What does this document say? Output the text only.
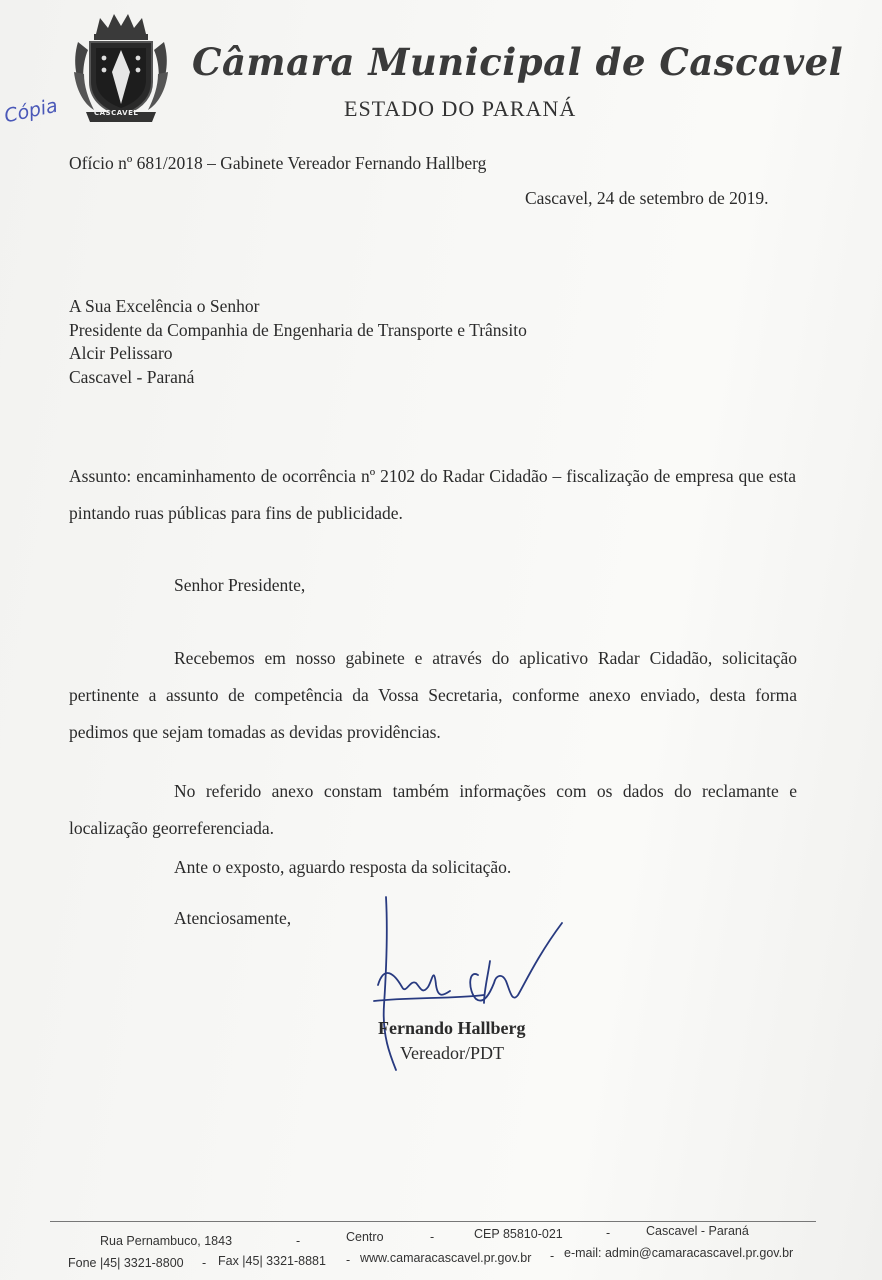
CASCAVEL
Câmara Municipal de Cascavel
ESTADO DO PARANÁ
Cópia
Ofício nº 681/2018 – Gabinete Vereador Fernando Hallberg
Cascavel, 24 de setembro de 2019.
A Sua Excelência o Senhor
Presidente da Companhia de Engenharia de Transporte e Trânsito
Alcir Pelissaro
Cascavel - Paraná
Assunto: encaminhamento de ocorrência nº 2102 do Radar Cidadão – fiscalização de empresa que esta pintando ruas públicas para fins de publicidade.
Senhor Presidente,
Recebemos em nosso gabinete e através do aplicativo Radar Cidadão, solicitação pertinente a assunto de competência da Vossa Secretaria, conforme anexo enviado, desta forma pedimos que sejam tomadas as devidas providências.
No referido anexo constam também informações com os dados do reclamante e localização georreferenciada.
Ante o exposto, aguardo resposta da solicitação.
Atenciosamente,
Fernando Hallberg
Vereador/PDT
Rua Pernambuco, 1843	-	Centro	-	CEP 85810-021	-	Cascavel - Paraná
Fone |45| 3321-8800 - Fax |45| 3321-8881 - www.camaracascavel.pr.gov.br - e-mail: admin@camaracascavel.pr.gov.br
